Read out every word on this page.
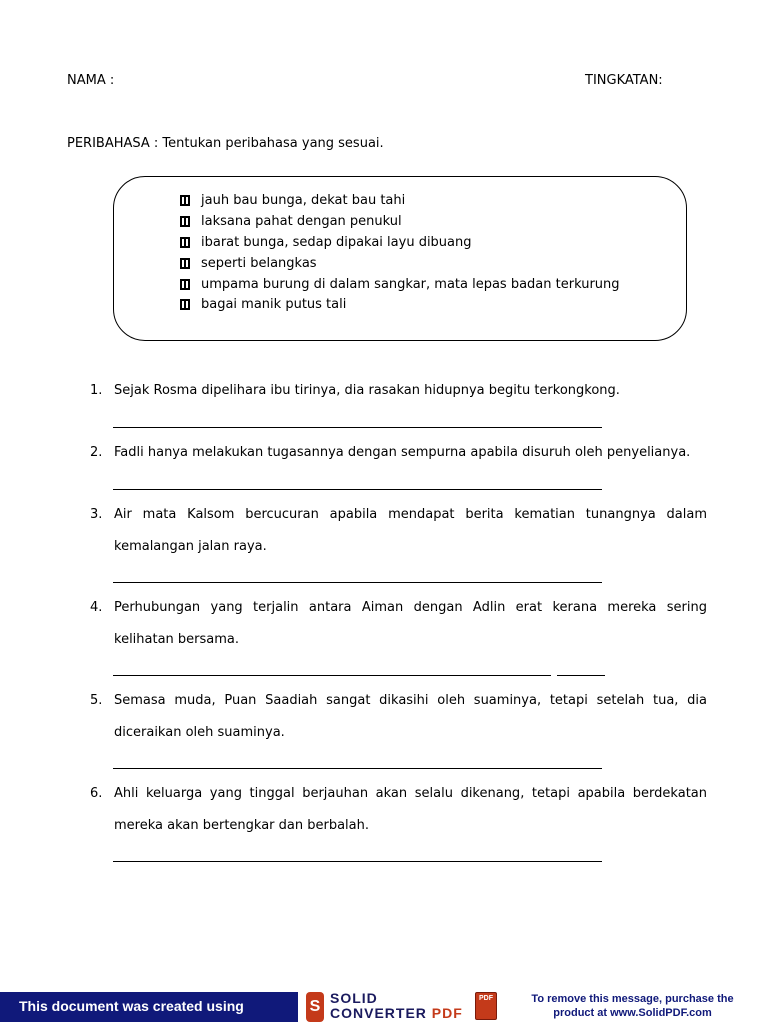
NAMA :	TINGKATAN:
PERIBAHASA : Tentukan peribahasa yang sesuai.
jauh bau bunga, dekat bau tahi
laksana pahat dengan penukul
ibarat bunga, sedap dipakai layu dibuang
seperti belangkas
umpama burung di dalam sangkar, mata lepas badan terkurung
bagai manik putus tali
1. Sejak Rosma dipelihara ibu tirinya, dia rasakan hidupnya begitu terkongkong.
2. Fadli hanya melakukan tugasannya dengan sempurna apabila disuruh oleh penyelianya.
3. Air mata Kalsom bercucuran apabila mendapat berita kematian tunangnya dalam
kemalangan jalan raya.
4. Perhubungan yang terjalin antara Aiman dengan Adlin erat kerana mereka sering
kelihatan bersama.
5. Semasa muda, Puan Saadiah sangat dikasihi oleh suaminya, tetapi setelah tua, dia
diceraikan oleh suaminya.
6. Ahli keluarga yang tinggal berjauhan akan selalu dikenang, tetapi apabila berdekatan
mereka akan bertengkar dan berbalah.
This document was created using	S SOLID
CONVERTER PDF
PDF	To remove this message, purchase the
product at www.SolidPDF.com
